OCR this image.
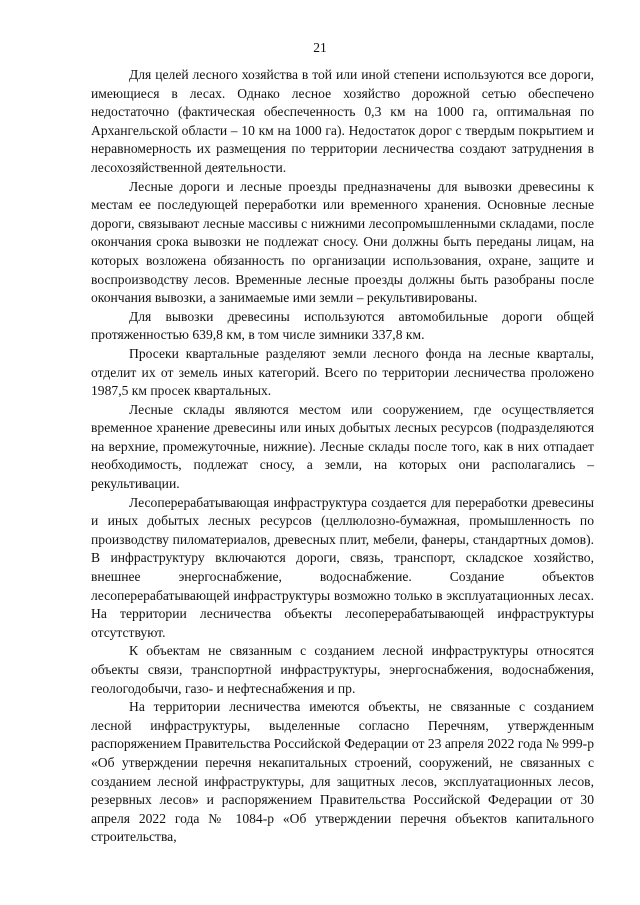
21

Для целей лесного хозяйства в той или иной степени используются все дороги, имеющиеся в лесах. Однако лесное хозяйство дорожной сетью обеспечено недостаточно (фактическая обеспеченность 0,3 км на 1000 га, оптимальная по Архангельской области – 10 км на 1000 га). Недостаток дорог с твердым покрытием и неравномерность их размещения по территории лесничества создают затруднения в лесохозяйственной деятельности.

Лесные дороги и лесные проезды предназначены для вывозки древесины к местам ее последующей переработки или временного хранения. Основные лесные дороги, связывают лесные массивы с нижними лесопромышленными складами, после окончания срока вывозки не подлежат сносу. Они должны быть переданы лицам, на которых возложена обязанность по организации использования, охране, защите и воспроизводству лесов. Временные лесные проезды должны быть разобраны после окончания вывозки, а занимаемые ими земли – рекультивированы.

Для вывозки древесины используются автомобильные дороги общей протяженностью 639,8 км, в том числе зимники 337,8 км.

Просеки квартальные разделяют земли лесного фонда на лесные кварталы, отделит их от земель иных категорий. Всего по территории лесничества проложено 1987,5 км просек квартальных.

Лесные склады являются местом или сооружением, где осуществляется временное хранение древесины или иных добытых лесных ресурсов (подразделяются на верхние, промежуточные, нижние). Лесные склады после того, как в них отпадает необходимость, подлежат сносу, а земли, на которых они располагались – рекультивации.

Лесоперерабатывающая инфраструктура создается для переработки древесины и иных добытых лесных ресурсов (целлюлозно-бумажная, промышленность по производству пиломатериалов, древесных плит, мебели, фанеры, стандартных домов). В инфраструктуру включаются дороги, связь, транспорт, складское хозяйство, внешнее энергоснабжение, водоснабжение. Создание объектов лесоперерабатывающей инфраструктуры возможно только в эксплуатационных лесах. На территории лесничества объекты лесоперерабатывающей инфраструктуры отсутствуют.

К объектам не связанным с созданием лесной инфраструктуры относятся объекты связи, транспортной инфраструктуры, энергоснабжения, водоснабжения, геологодобычи, газо- и нефтеснабжения и пр.

На территории лесничества имеются объекты, не связанные с созданием лесной инфраструктуры, выделенные согласно Перечням, утвержденным распоряжением Правительства Российской Федерации от 23 апреля 2022 года № 999-р «Об утверждении перечня некапитальных строений, сооружений, не связанных с созданием лесной инфраструктуры, для защитных лесов, эксплуатационных лесов, резервных лесов» и распоряжением Правительства Российской Федерации от 30 апреля 2022 года № 1084-р «Об утверждении перечня объектов капитального строительства,
